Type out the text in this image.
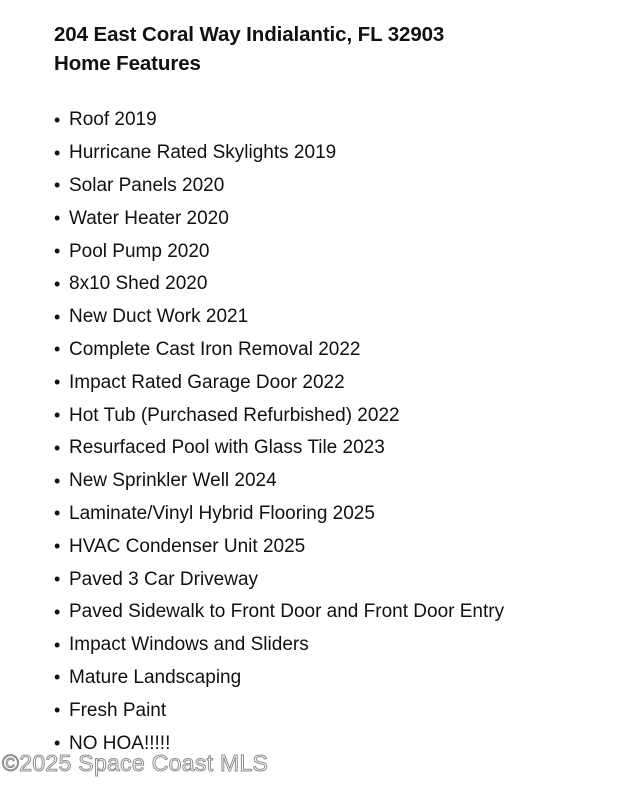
204 East Coral Way Indialantic, FL 32903
Home Features
• Roof 2019
• Hurricane Rated Skylights 2019
• Solar Panels 2020
• Water Heater 2020
• Pool Pump 2020
• 8x10 Shed 2020
• New Duct Work 2021
• Complete Cast Iron Removal 2022
• Impact Rated Garage Door 2022
• Hot Tub (Purchased Refurbished) 2022
• Resurfaced Pool with Glass Tile 2023
• New Sprinkler Well 2024
• Laminate/Vinyl Hybrid Flooring 2025
• HVAC Condenser Unit 2025
• Paved 3 Car Driveway
• Paved Sidewalk to Front Door and Front Door Entry
• Impact Windows and Sliders
• Mature Landscaping
• Fresh Paint
• NO HOA!!!!!
©2025 Space Coast MLS
